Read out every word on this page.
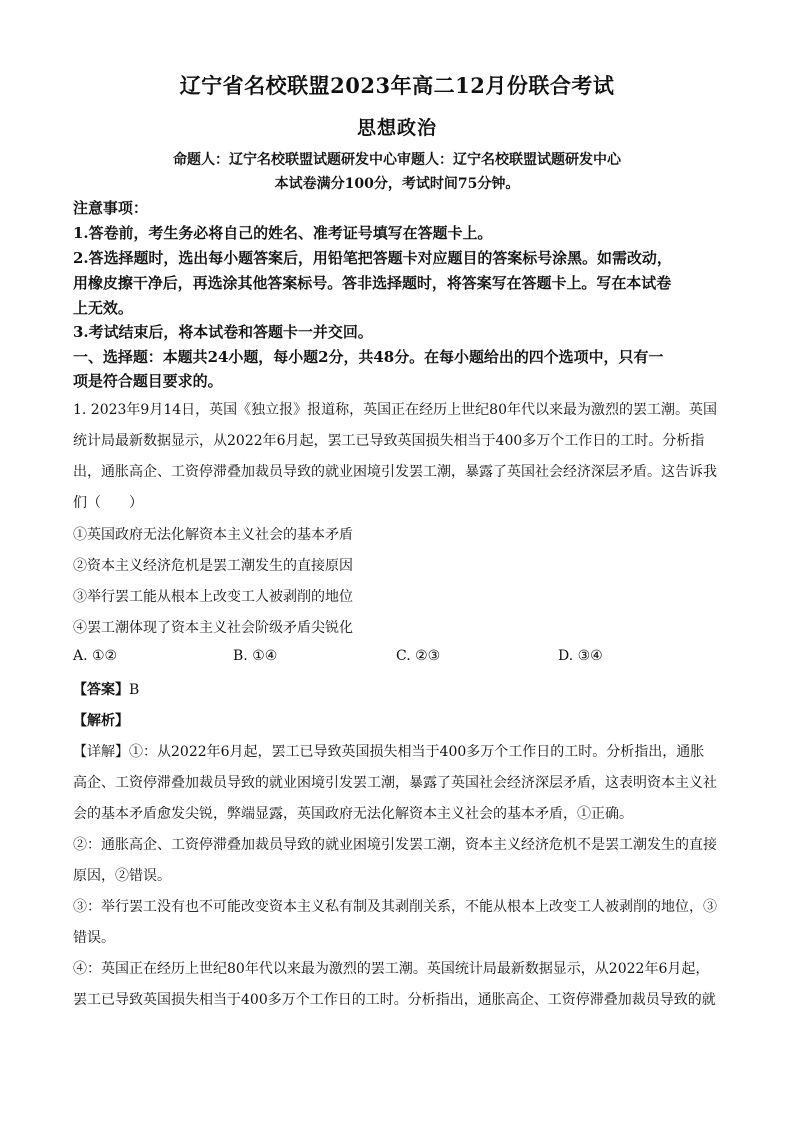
辽宁省名校联盟2023年高二12月份联合考试
思想政治
命题人：辽宁名校联盟试题研发中心审题人：辽宁名校联盟试题研发中心
本试卷满分100分，考试时间75分钟。
注意事项：
1.答卷前，考生务必将自己的姓名、准考证号填写在答题卡上。
2.答选择题时，选出每小题答案后，用铅笔把答题卡对应题目的答案标号涂黑。如需改动，
用橡皮擦干净后，再选涂其他答案标号。答非选择题时，将答案写在答题卡上。写在本试卷
上无效。
3.考试结束后，将本试卷和答题卡一并交回。
一、选择题：本题共24小题，每小题2分，共48分。在每小题给出的四个选项中，只有一
项是符合题目要求的。
1. 2023年9月14日，英国《独立报》报道称，英国正在经历上世纪80年代以来最为激烈的罢工潮。英国
统计局最新数据显示，从2022年6月起，罢工已导致英国损失相当于400多万个工作日的工时。分析指
出，通胀高企、工资停滞叠加裁员导致的就业困境引发罢工潮，暴露了英国社会经济深层矛盾。这告诉我
们（　　）
①英国政府无法化解资本主义社会的基本矛盾
②资本主义经济危机是罢工潮发生的直接原因
③举行罢工能从根本上改变工人被剥削的地位
④罢工潮体现了资本主义社会阶级矛盾尖锐化
A. ①②	B. ①④	C. ②③	D. ③④
【答案】B
【解析】
【详解】①：从2022年6月起，罢工已导致英国损失相当于400多万个工作日的工时。分析指出，通胀
高企、工资停滞叠加裁员导致的就业困境引发罢工潮，暴露了英国社会经济深层矛盾，这表明资本主义社
会的基本矛盾愈发尖锐，弊端显露，英国政府无法化解资本主义社会的基本矛盾，①正确。
②：通胀高企、工资停滞叠加裁员导致的就业困境引发罢工潮，资本主义经济危机不是罢工潮发生的直接
原因，②错误。
③：举行罢工没有也不可能改变资本主义私有制及其剥削关系，不能从根本上改变工人被剥削的地位，③
错误。
④：英国正在经历上世纪80年代以来最为激烈的罢工潮。英国统计局最新数据显示，从2022年6月起，
罢工已导致英国损失相当于400多万个工作日的工时。分析指出，通胀高企、工资停滞叠加裁员导致的就
